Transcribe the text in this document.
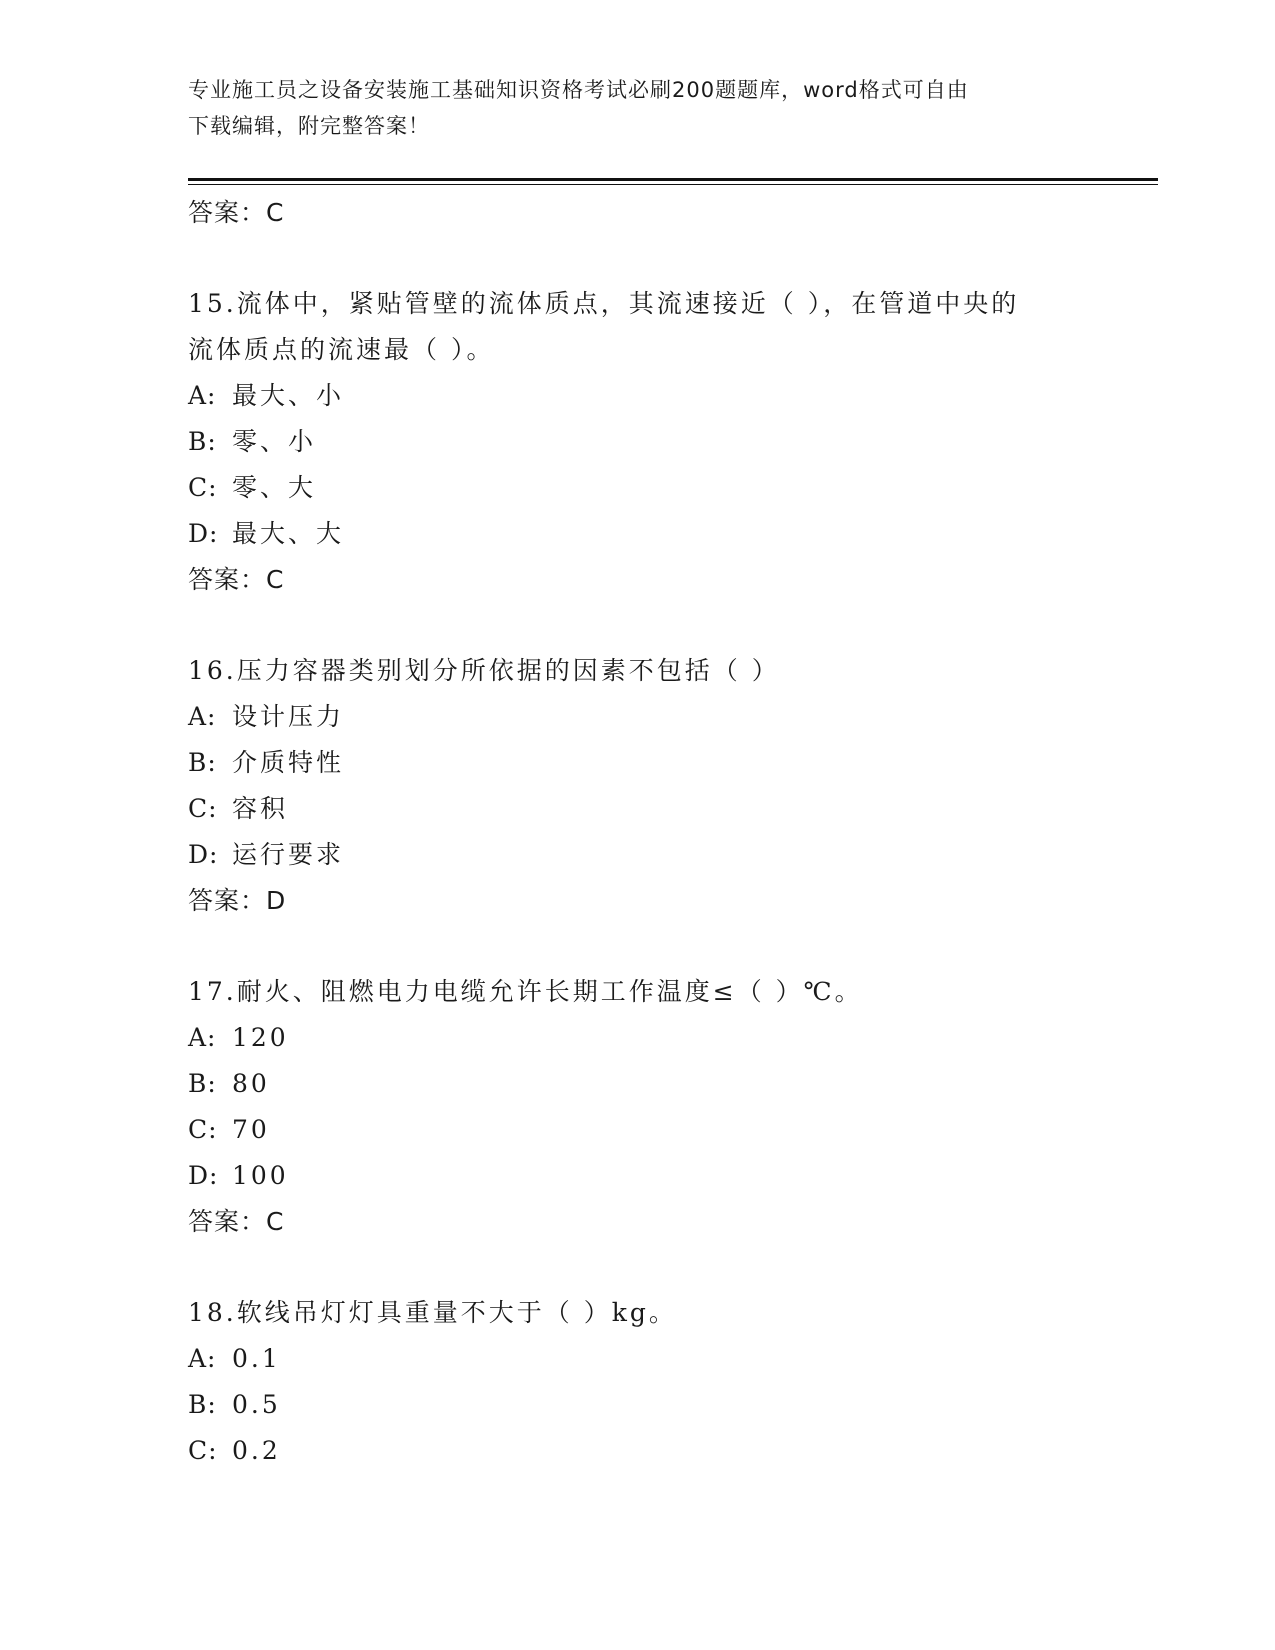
专业施工员之设备安装施工基础知识资格考试必刷200题题库，word格式可自由
下载编辑，附完整答案！
答案：C
15.流体中，紧贴管壁的流体质点，其流速接近（ ），在管道中央的
流体质点的流速最（ ）。
A: 最大、小
B: 零、小
C: 零、大
D: 最大、大
答案：C
16.压力容器类别划分所依据的因素不包括（ ）
A: 设计压力
B: 介质特性
C: 容积
D: 运行要求
答案：D
17.耐火、阻燃电力电缆允许长期工作温度≤（ ）℃。
A: 120
B: 80
C: 70
D: 100
答案：C
18.软线吊灯灯具重量不大于（ ）kg。
A: 0.1
B: 0.5
C: 0.2
